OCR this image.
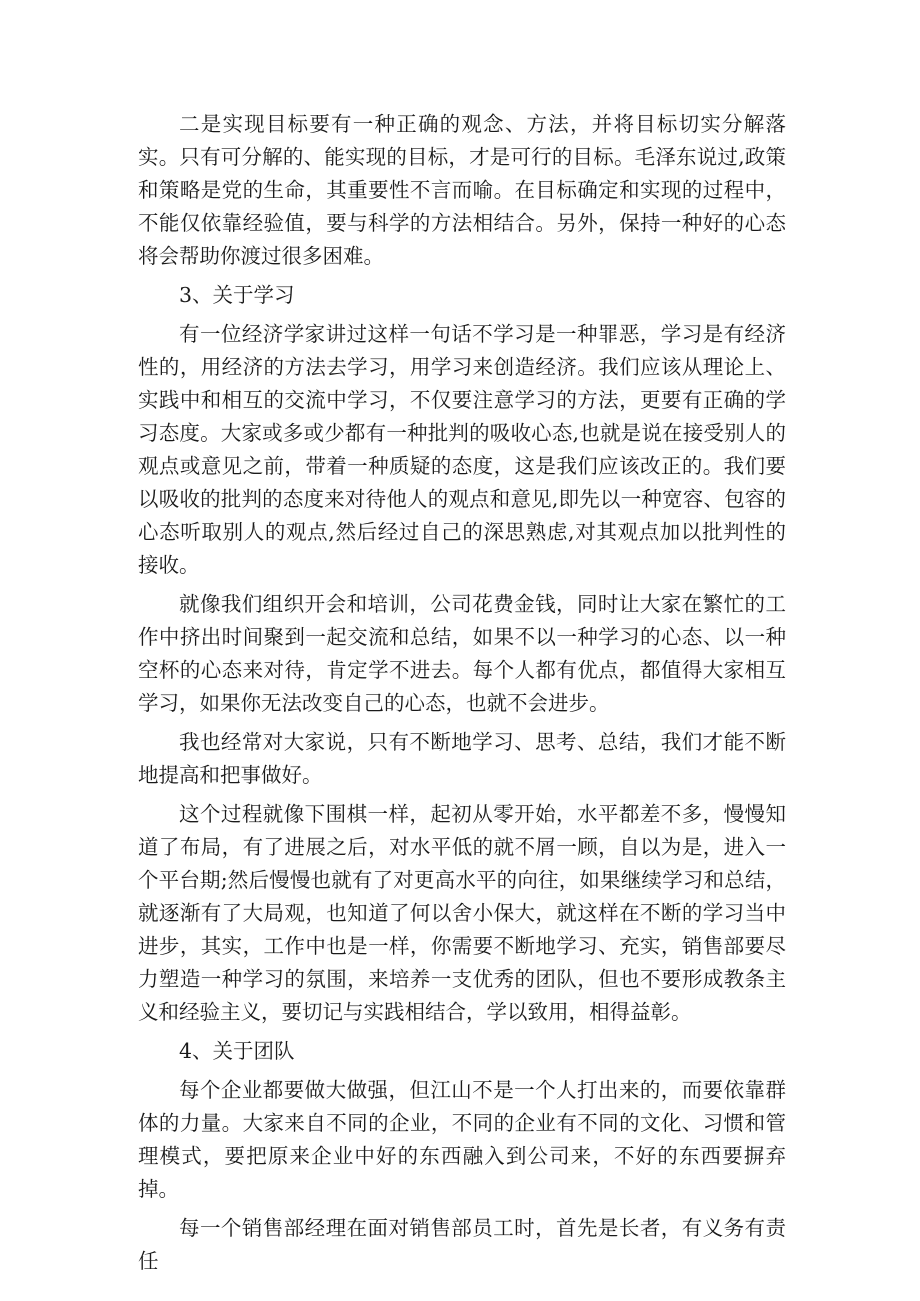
二是实现目标要有一种正确的观念、方法，并将目标切实分解落实。只有可分解的、能实现的目标，才是可行的目标。毛泽东说过,政策和策略是党的生命，其重要性不言而喻。在目标确定和实现的过程中，不能仅依靠经验值，要与科学的方法相结合。另外，保持一种好的心态将会帮助你渡过很多困难。

3、关于学习

有一位经济学家讲过这样一句话不学习是一种罪恶，学习是有经济性的，用经济的方法去学习，用学习来创造经济。我们应该从理论上、实践中和相互的交流中学习，不仅要注意学习的方法，更要有正确的学习态度。大家或多或少都有一种批判的吸收心态,也就是说在接受别人的观点或意见之前，带着一种质疑的态度，这是我们应该改正的。我们要以吸收的批判的态度来对待他人的观点和意见,即先以一种宽容、包容的心态听取别人的观点,然后经过自己的深思熟虑,对其观点加以批判性的接收。

就像我们组织开会和培训，公司花费金钱，同时让大家在繁忙的工作中挤出时间聚到一起交流和总结，如果不以一种学习的心态、以一种空杯的心态来对待，肯定学不进去。每个人都有优点，都值得大家相互学习，如果你无法改变自己的心态，也就不会进步。

我也经常对大家说，只有不断地学习、思考、总结，我们才能不断地提高和把事做好。

这个过程就像下围棋一样，起初从零开始，水平都差不多，慢慢知道了布局，有了进展之后，对水平低的就不屑一顾，自以为是，进入一个平台期;然后慢慢也就有了对更高水平的向往，如果继续学习和总结，就逐渐有了大局观，也知道了何以舍小保大，就这样在不断的学习当中进步，其实，工作中也是一样，你需要不断地学习、充实，销售部要尽力塑造一种学习的氛围，来培养一支优秀的团队，但也不要形成教条主义和经验主义，要切记与实践相结合，学以致用，相得益彰。

4、关于团队

每个企业都要做大做强，但江山不是一个人打出来的，而要依靠群体的力量。大家来自不同的企业，不同的企业有不同的文化、习惯和管理模式，要把原来企业中好的东西融入到公司来，不好的东西要摒弃掉。

每一个销售部经理在面对销售部员工时，首先是长者，有义务有责任
